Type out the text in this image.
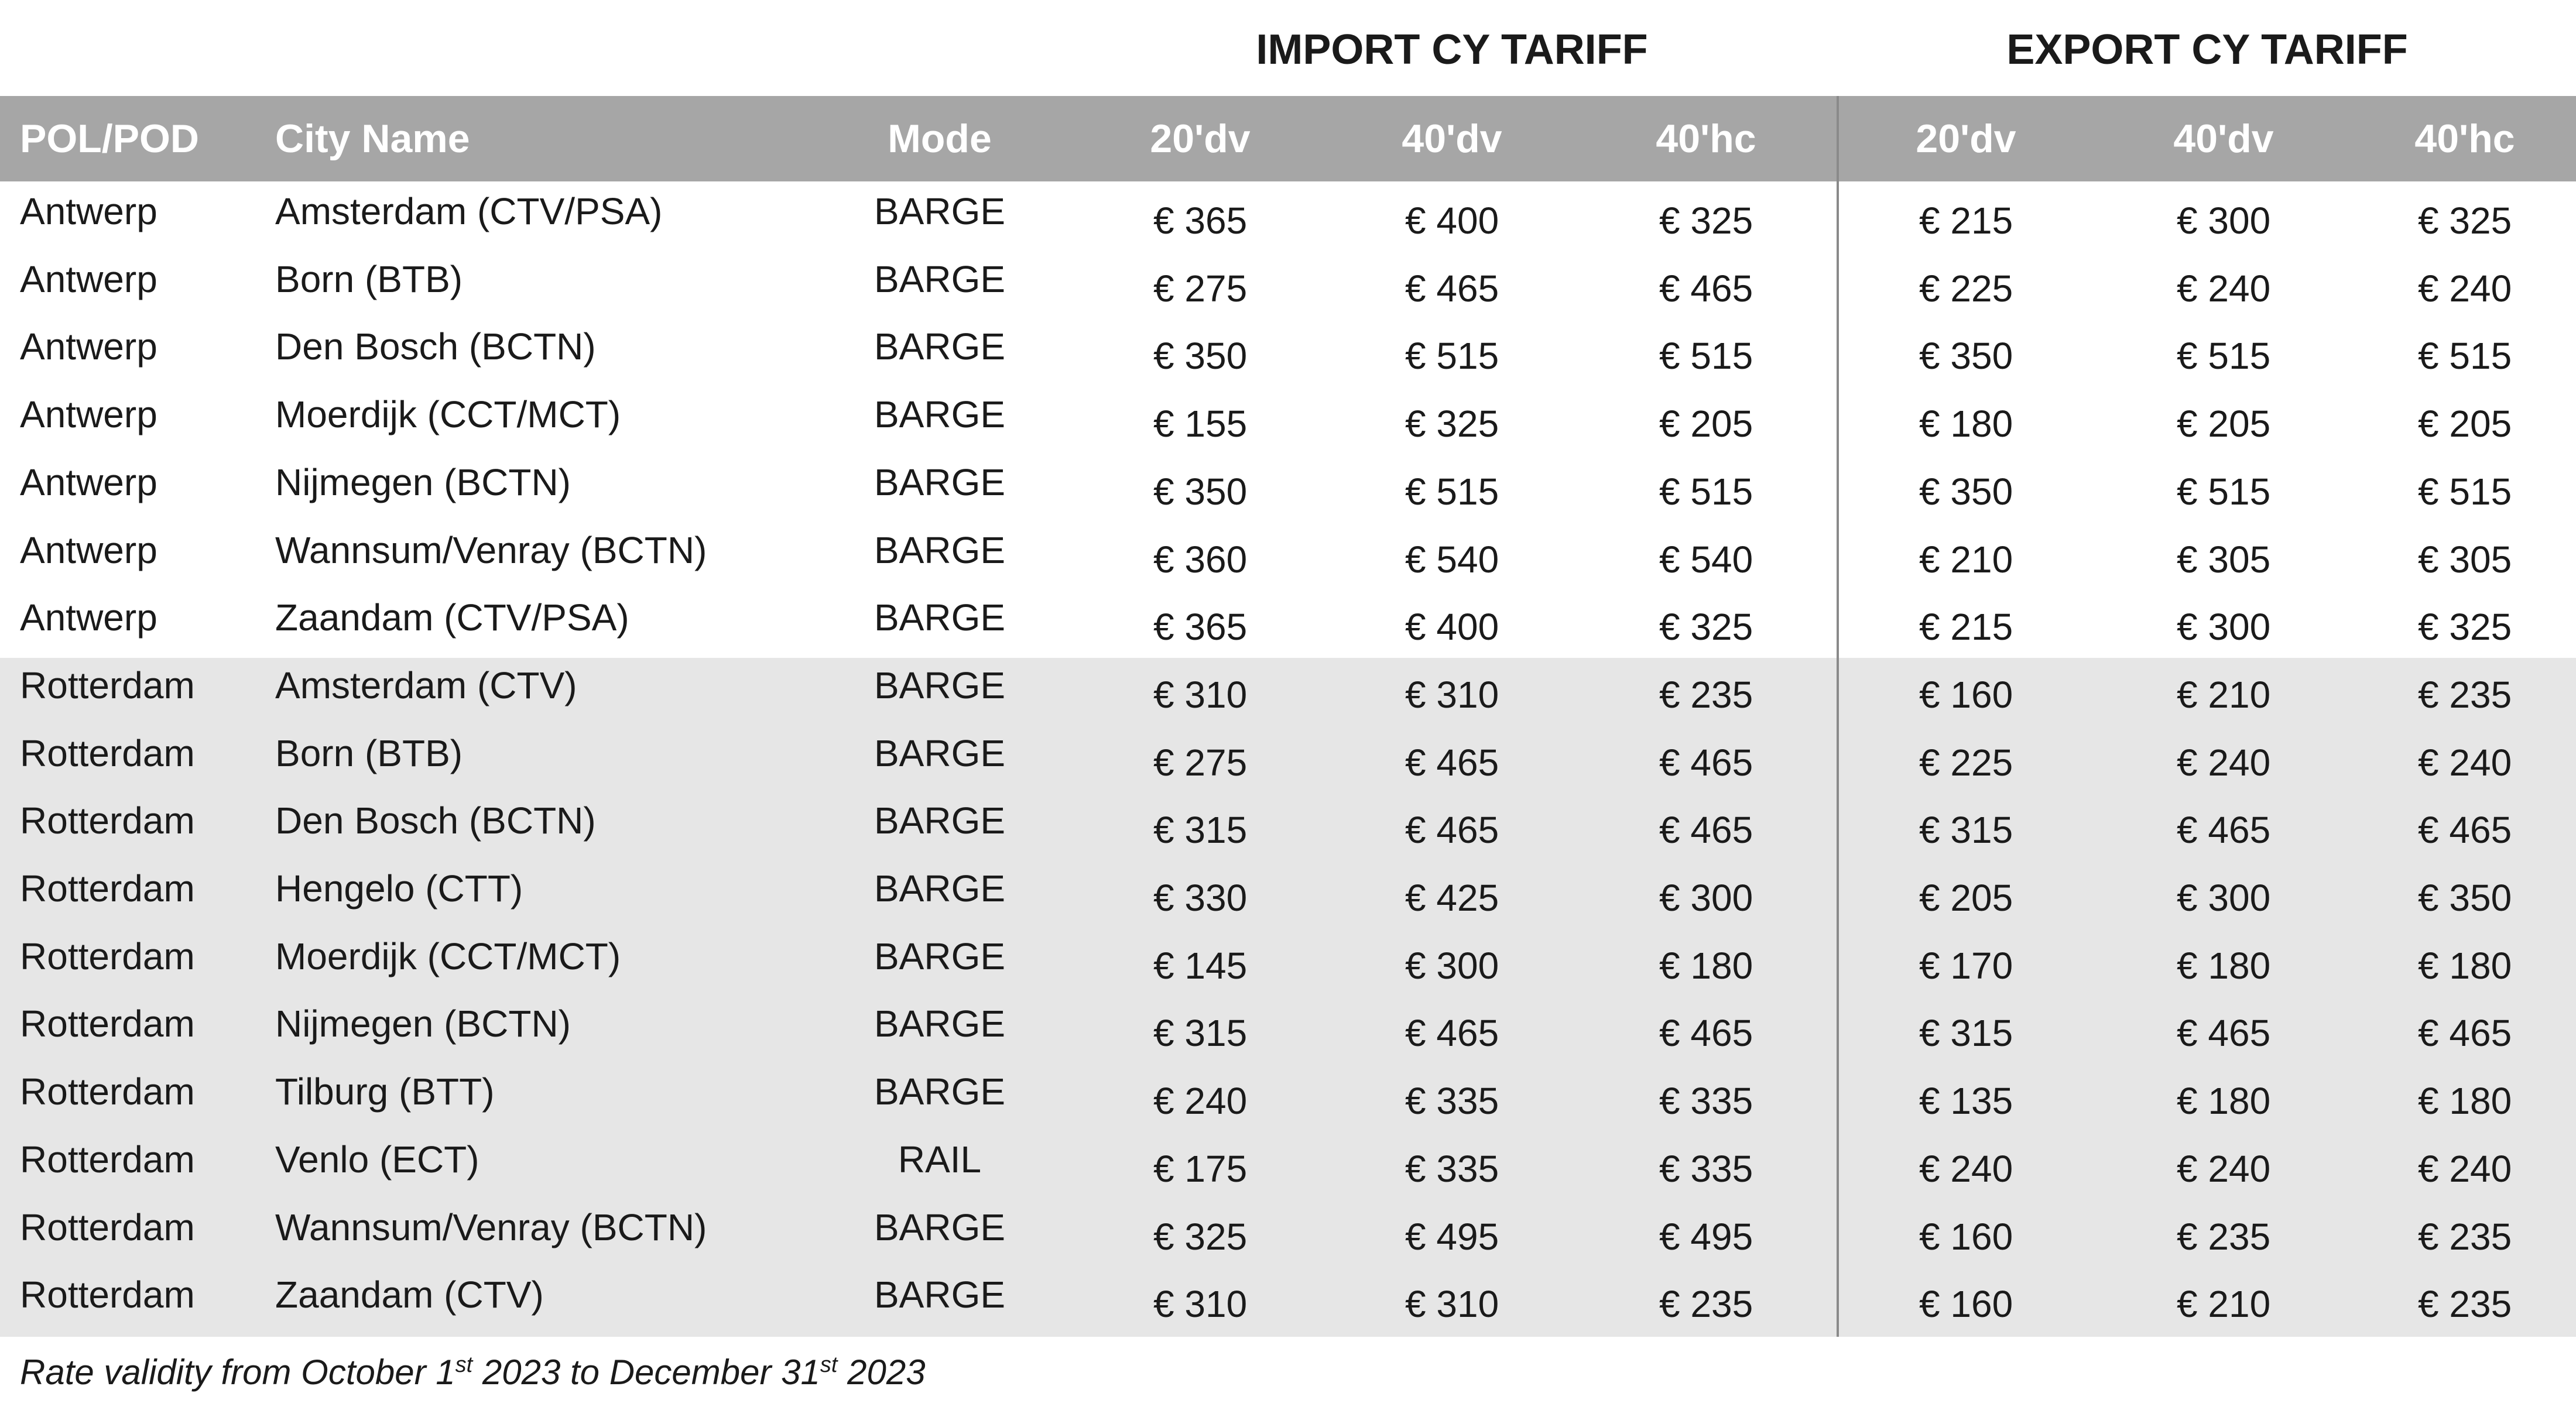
IMPORT CY TARIFF	EXPORT CY TARIFF
POL/POD City Name	Mode	20'dv	40'dv	40'hc	20'dv	40'dv	40'hc
Antwerp	Amsterdam (CTV/PSA)	BARGE	€ 365	€ 400	€ 325	€ 215	€ 300	€ 325
Antwerp	Born (BTB)	BARGE	€ 275	€ 465	€ 465	€ 225	€ 240	€ 240
Antwerp	Den Bosch (BCTN)	BARGE	€ 350	€ 515	€ 515	€ 350	€ 515	€ 515
Antwerp	Moerdijk (CCT/MCT)	BARGE	€ 155	€ 325	€ 205	€ 180	€ 205	€ 205
Antwerp	Nijmegen (BCTN)	BARGE	€ 350	€ 515	€ 515	€ 350	€ 515	€ 515
Antwerp	Wannsum/Venray (BCTN)	BARGE	€ 360	€ 540	€ 540	€ 210	€ 305	€ 305
Antwerp	Zaandam (CTV/PSA)	BARGE	€ 365	€ 400	€ 325	€ 215	€ 300	€ 325
Rotterdam Amsterdam (CTV)	BARGE	€ 310	€ 310	€ 235	€ 160	€ 210	€ 235
Rotterdam Born (BTB)	BARGE	€ 275	€ 465	€ 465	€ 225	€ 240	€ 240
Rotterdam Den Bosch (BCTN)	BARGE	€ 315	€ 465	€ 465	€ 315	€ 465	€ 465
Rotterdam Hengelo (CTT)	BARGE	€ 330	€ 425	€ 300	€ 205	€ 300	€ 350
Rotterdam Moerdijk (CCT/MCT)	BARGE	€ 145	€ 300	€ 180	€ 170	€ 180	€ 180
Rotterdam Nijmegen (BCTN)	BARGE	€ 315	€ 465	€ 465	€ 315	€ 465	€ 465
Rotterdam Tilburg (BTT)	BARGE	€ 240	€ 335	€ 335	€ 135	€ 180	€ 180
Rotterdam Venlo (ECT)	RAIL	€ 175	€ 335	€ 335	€ 240	€ 240	€ 240
Rotterdam Wannsum/Venray (BCTN)	BARGE	€ 325	€ 495	€ 495	€ 160	€ 235	€ 235
Rotterdam Zaandam (CTV)	BARGE	€ 310	€ 310	€ 235	€ 160	€ 210	€ 235
Rate validity from October 1st 2023 to December 31st 2023
